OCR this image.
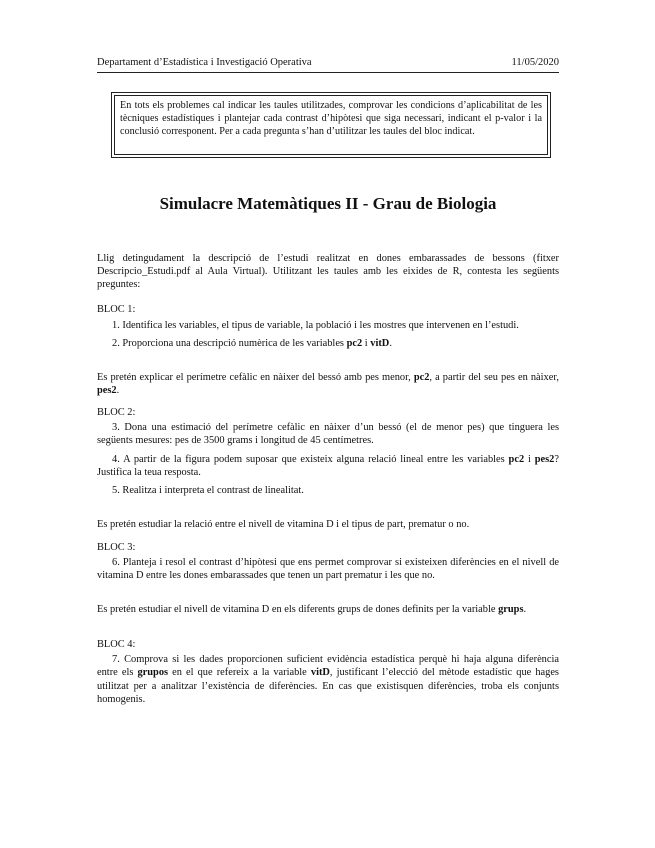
Departament d’Estadística i Investigació Operativa	11/05/2020
En tots els problemes cal indicar les taules utilitzades, comprovar les condicions d’aplicabilitat de les tècniques estadístiques i plantejar cada contrast d’hipòtesi que siga necessari, indicant el p-valor i la conclusió corresponent. Per a cada pregunta s’han d’utilitzar les taules del bloc indicat.
Simulacre Matemàtiques II - Grau de Biologia

Llig detingudament la descripció de l’estudi realitzat en dones embarassades de bessons (fitxer Descripcio_Estudi.pdf al Aula Virtual). Utilitzant les taules amb les eixides de R, contesta les següents preguntes:

BLOC 1:

1. Identifica les variables, el tipus de variable, la població i les mostres que intervenen en l’estudi.

2. Proporciona una descripció numèrica de les variables pc2 i vitD.

Es pretén explicar el perímetre cefàlic en nàixer del bessó amb pes menor, pc2, a partir del seu pes en nàixer, pes2.

BLOC 2:

3. Dona una estimació del perímetre cefàlic en nàixer d’un bessó (el de menor pes) que tinguera les següents mesures: pes de 3500 grams i longitud de 45 centímetres.

4. A partir de la figura podem suposar que existeix alguna relació lineal entre les variables pc2 i pes2? Justifica la teua resposta.

5. Realitza i interpreta el contrast de linealitat.

Es pretén estudiar la relació entre el nivell de vitamina D i el tipus de part, prematur o no.

BLOC 3:

6. Planteja i resol el contrast d’hipòtesi que ens permet comprovar si existeixen diferències en el nivell de vitamina D entre les dones embarassades que tenen un part prematur i les que no.

Es pretén estudiar el nivell de vitamina D en els diferents grups de dones definits per la variable grups.

BLOC 4:

7. Comprova si les dades proporcionen suficient evidència estadística perquè hi haja alguna diferència entre els grupos en el que refereix a la variable vitD, justificant l’elecció del mètode estadístic que hages utilitzat per a analitzar l’existència de diferències. En cas que existisquen diferències, troba els conjunts homogenis.
